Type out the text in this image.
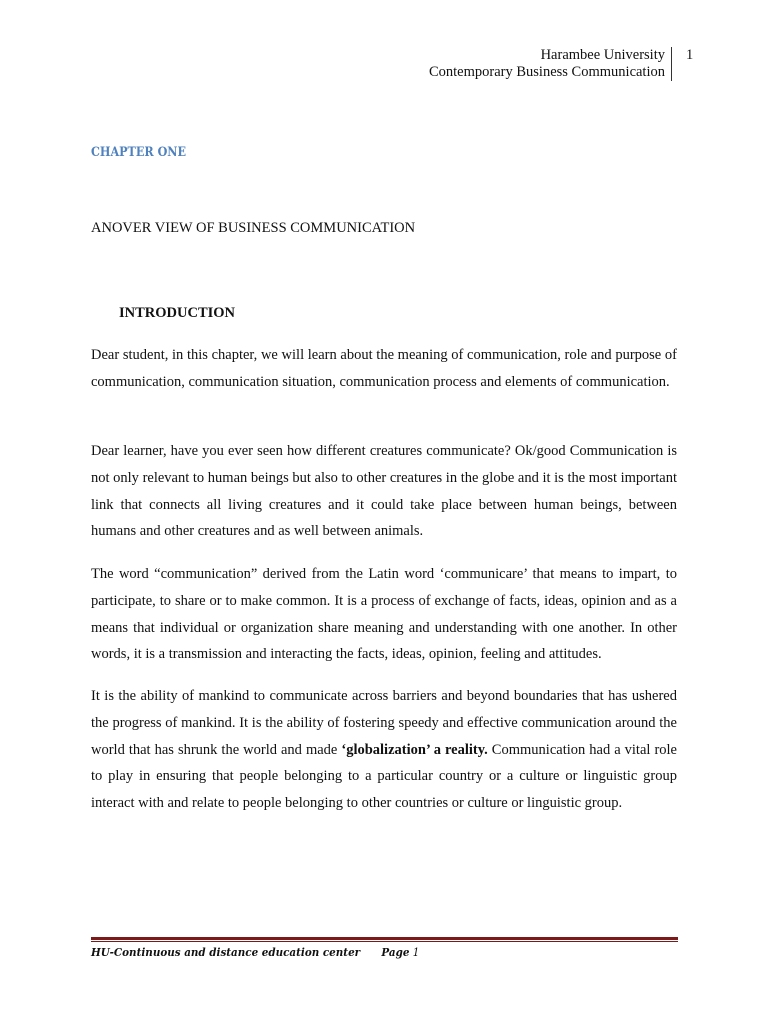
Harambee University
Contemporary Business Communication
1
CHAPTER ONE
ANOVER VIEW OF BUSINESS COMMUNICATION
INTRODUCTION

Dear student, in this chapter, we will learn about the meaning of communication, role and purpose of communication, communication situation, communication process and elements of communication.

Dear learner, have you ever seen how different creatures communicate? Ok/good Communication is not only relevant to human beings but also to other creatures in the globe and it is the most important link that connects all living creatures and it could take place between human beings, between humans and other creatures and as well between animals.

The word “communication” derived from the Latin word ‘communicare’ that means to impart, to participate, to share or to make common. It is a process of exchange of facts, ideas, opinion and as a means that individual or organization share meaning and understanding with one another. In other words, it is a transmission and interacting the facts, ideas, opinion, feeling and attitudes.

It is the ability of mankind to communicate across barriers and beyond boundaries that has ushered the progress of mankind. It is the ability of fostering speedy and effective communication around the world that has shrunk the world and made ‘globalization’ a reality. Communication had a vital role to play in ensuring that people belonging to a particular country or a culture or linguistic group interact with and relate to people belonging to other countries or culture or linguistic group.

HU-Continuous and distance education center Page 1
